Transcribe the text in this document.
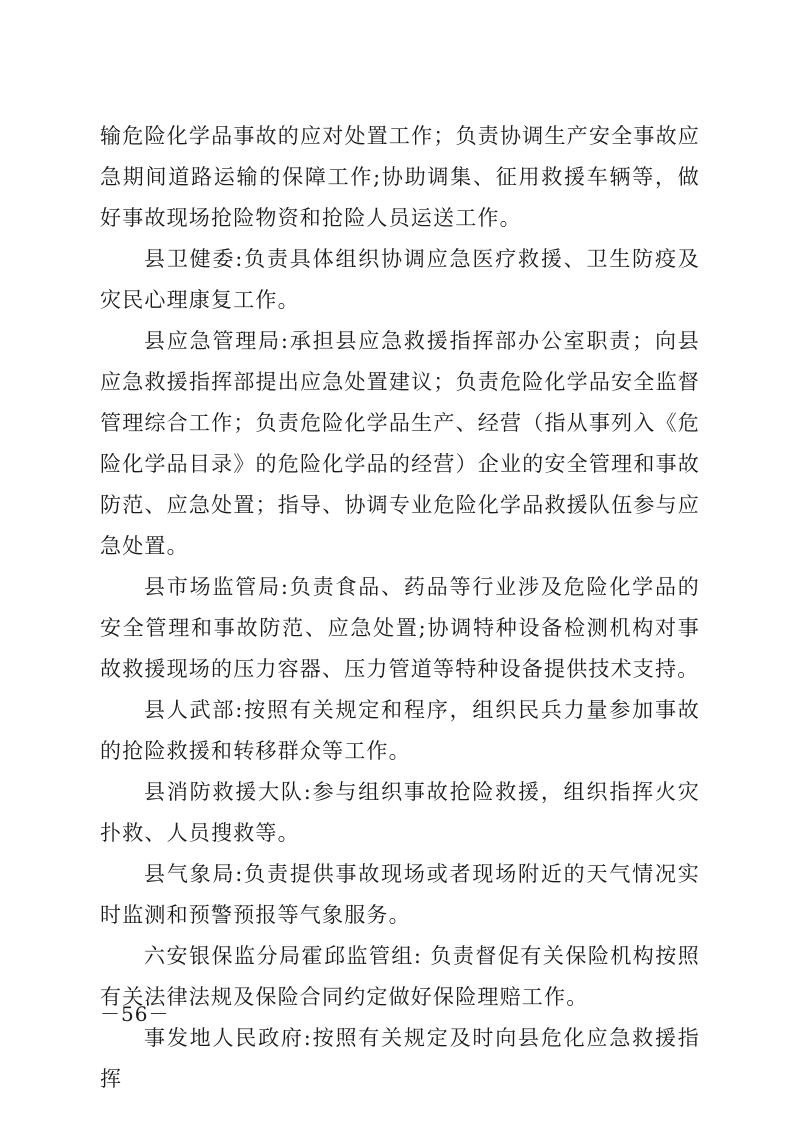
输危险化学品事故的应对处置工作；负责协调生产安全事故应急期间道路运输的保障工作;协助调集、征用救援车辆等，做好事故现场抢险物资和抢险人员运送工作。

县卫健委:负责具体组织协调应急医疗救援、卫生防疫及灾民心理康复工作。

县应急管理局:承担县应急救援指挥部办公室职责；向县应急救援指挥部提出应急处置建议；负责危险化学品安全监督管理综合工作；负责危险化学品生产、经营（指从事列入《危险化学品目录》的危险化学品的经营）企业的安全管理和事故防范、应急处置；指导、协调专业危险化学品救援队伍参与应急处置。

县市场监管局:负责食品、药品等行业涉及危险化学品的安全管理和事故防范、应急处置;协调特种设备检测机构对事故救援现场的压力容器、压力管道等特种设备提供技术支持。

县人武部:按照有关规定和程序，组织民兵力量参加事故的抢险救援和转移群众等工作。

县消防救援大队:参与组织事故抢险救援，组织指挥火灾扑救、人员搜救等。

县气象局:负责提供事故现场或者现场附近的天气情况实时监测和预警预报等气象服务。

六安银保监分局霍邱监管组: 负责督促有关保险机构按照有关法律法规及保险合同约定做好保险理赔工作。

事发地人民政府:按照有关规定及时向县危化应急救援指挥

－56－
